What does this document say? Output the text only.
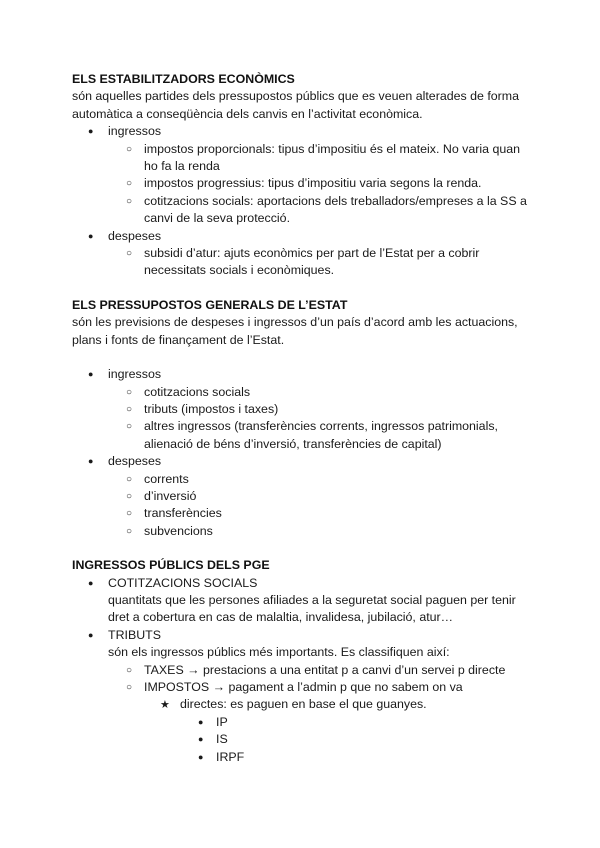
ELS ESTABILITZADORS ECONÒMICS
són aquelles partides dels pressupostos públics que es veuen alterades de forma
automàtica a conseqüència dels canvis en l’activitat econòmica.
●
ingressos
○
impostos proporcionals: tipus d’impositiu és el mateix. No varia quan
ho fa la renda
○
impostos progressius: tipus d’impositiu varia segons la renda.
○
cotitzacions socials: aportacions dels treballadors/empreses a la SS a
canvi de la seva protecció.
●
despeses
○
subsidi d’atur: ajuts econòmics per part de l’Estat per a cobrir
necessitats socials i econòmiques.
ELS PRESSUPOSTOS GENERALS DE L’ESTAT
són les previsions de despeses i ingressos d’un país d’acord amb les actuacions,
plans i fonts de finançament de l’Estat.
●
ingressos
○
cotitzacions socials
○
tributs (impostos i taxes)
○
altres ingressos (transferències corrents, ingressos patrimonials,
alienació de béns d’inversió, transferències de capital)
●
despeses
○
corrents
○
d’inversió
○
transferències
○
subvencions
INGRESSOS PÚBLICS DELS PGE
●
COTITZACIONS SOCIALS
quantitats que les persones afiliades a la seguretat social paguen per tenir
dret a cobertura en cas de malaltia, invalidesa, jubilació, atur…
●
TRIBUTS
són els ingressos públics més importants. Es classifiquen així:
○
TAXES → prestacions a una entitat p a canvi d’un servei p directe
○
IMPOSTOS → pagament a l’admin p que no sabem on va
★
directes: es paguen en base el que guanyes.
●
IP
●
IS
●
IRPF
